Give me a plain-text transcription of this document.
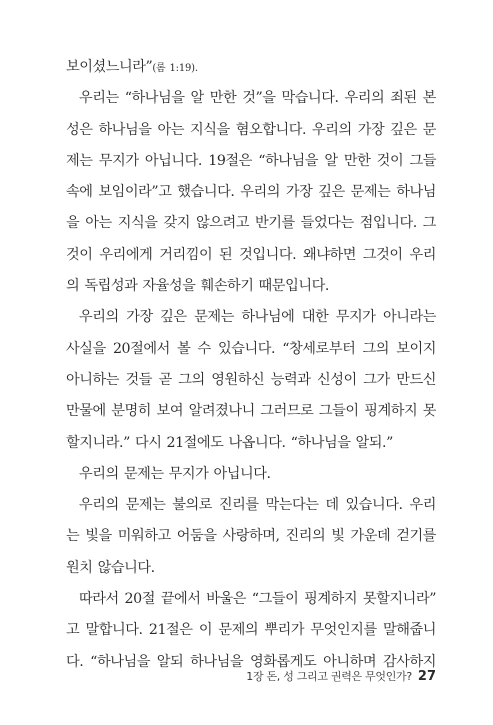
보이셨느니라”(롬 1:19).
우리는 “하나님을 알 만한 것”을 막습니다. 우리의 죄된 본
성은 하나님을 아는 지식을 혐오합니다. 우리의 가장 깊은 문
제는 무지가 아닙니다. 19절은 “하나님을 알 만한 것이 그들
속에 보임이라”고 했습니다. 우리의 가장 깊은 문제는 하나님
을 아는 지식을 갖지 않으려고 반기를 들었다는 점입니다. 그
것이 우리에게 거리낌이 된 것입니다. 왜냐하면 그것이 우리
의 독립성과 자율성을 훼손하기 때문입니다.
우리의 가장 깊은 문제는 하나님에 대한 무지가 아니라는
사실을 20절에서 볼 수 있습니다. “창세로부터 그의 보이지
아니하는 것들 곧 그의 영원하신 능력과 신성이 그가 만드신
만물에 분명히 보여 알려졌나니 그러므로 그들이 핑계하지 못
할지니라.” 다시 21절에도 나옵니다. “하나님을 알되.”
우리의 문제는 무지가 아닙니다.
우리의 문제는 불의로 진리를 막는다는 데 있습니다. 우리
는 빛을 미워하고 어둠을 사랑하며, 진리의 빛 가운데 걷기를
원치 않습니다.
따라서 20절 끝에서 바울은 “그들이 핑계하지 못할지니라”
고 말합니다. 21절은 이 문제의 뿌리가 무엇인지를 말해줍니
다. “하나님을 알되 하나님을 영화롭게도 아니하며 감사하지
1장 돈, 성 그리고 권력은 무엇인가? 27
